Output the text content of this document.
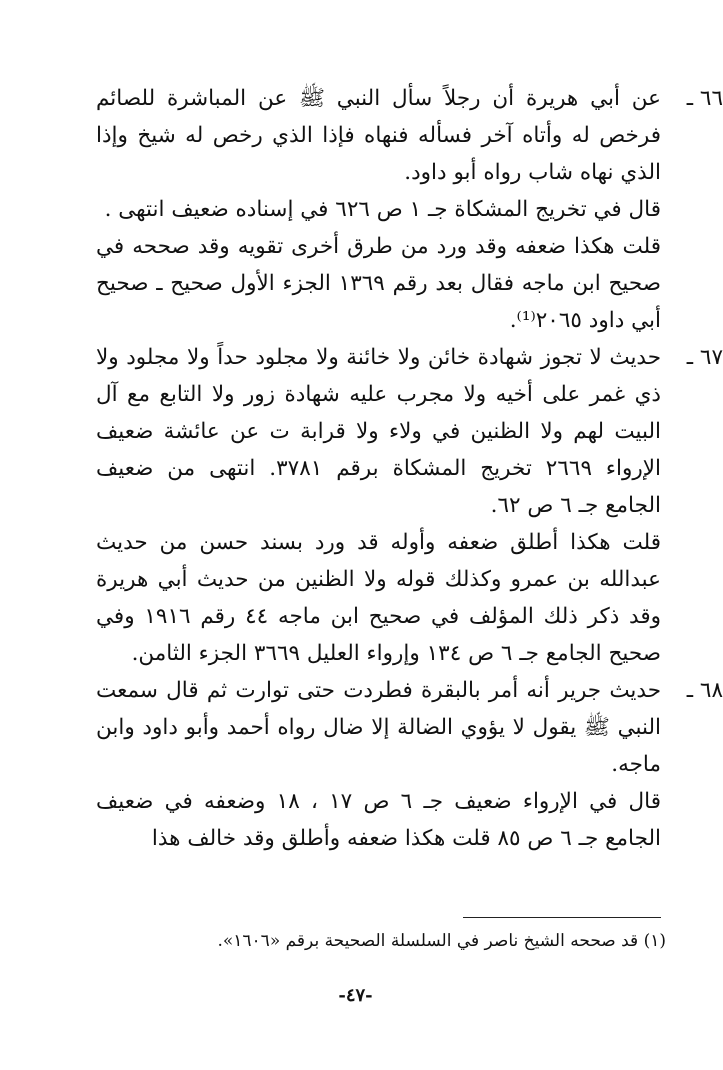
٦٦ ـ

عن أبي هريرة أن رجلاً سأل النبي ﷺ عن المباشرة للصائم فرخص له وأتاه آخر فسأله فنهاه فإذا الذي رخص له شيخ وإذا الذي نهاه شاب رواه أبو داود.

قال في تخريج المشكاة جـ ١ ص ٦٢٦ في إسناده ضعيف انتهى .

قلت هكذا ضعفه وقد ورد من طرق أخرى تقويه وقد صححه في صحيح ابن ماجه فقال بعد رقم ١٣٦٩ الجزء الأول صحيح ـ صحيح أبي داود ٢٠٦٥⁽¹⁾.

٦٧ ـ

حديث لا تجوز شهادة خائن ولا خائنة ولا مجلود حداً ولا مجلود ولا ذي غمر على أخيه ولا مجرب عليه شهادة زور ولا التابع مع آل البيت لهم ولا الظنين في ولاء ولا قرابة ت عن عائشة ضعيف الإرواء ٢٦٦٩ تخريج المشكاة برقم ٣٧٨١. انتهى من ضعيف الجامع جـ ٦ ص ٦٢.

قلت هكذا أطلق ضعفه وأوله قد ورد بسند حسن من حديث عبدالله بن عمرو وكذلك قوله ولا الظنين من حديث أبي هريرة وقد ذكر ذلك المؤلف في صحيح ابن ماجه ٤٤ رقم ١٩١٦ وفي صحيح الجامع جـ ٦ ص ١٣٤ وإرواء العليل ٣٦٦٩ الجزء الثامن.

٦٨ ـ

حديث جرير أنه أمر بالبقرة فطردت حتى توارت ثم قال سمعت النبي ﷺ يقول لا يؤوي الضالة إلا ضال رواه أحمد وأبو داود وابن ماجه.

قال في الإرواء ضعيف جـ ٦ ص ١٧ ، ١٨ وضعفه في ضعيف الجامع جـ ٦ ص ٨٥ قلت هكذا ضعفه وأطلق وقد خالف هذا

(١) قد صححه الشيخ ناصر في السلسلة الصحيحة برقم «١٦٠٦».

-٤٧-
